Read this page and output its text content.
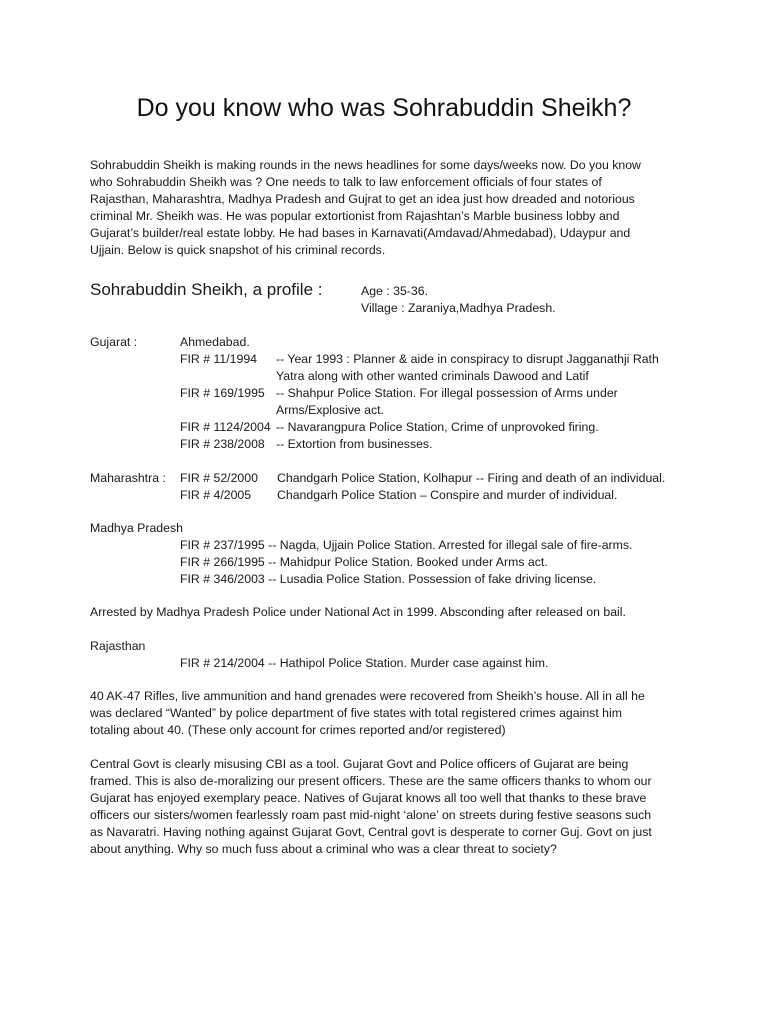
Do you know who was Sohrabuddin Sheikh?
Sohrabuddin Sheikh is making rounds in the news headlines for some days/weeks now. Do you know
who Sohrabuddin Sheikh was ? One needs to talk to law enforcement officials of four states of
Rajasthan, Maharashtra, Madhya Pradesh and Gujrat to get an idea just how dreaded and notorious
criminal Mr. Sheikh was. He was popular extortionist from Rajashtan’s Marble business lobby and
Gujarat’s builder/real estate lobby. He had bases in Karnavati(Amdavad/Ahmedabad), Udaypur and
Ujjain. Below is quick snapshot of his criminal records.
Sohrabuddin Sheikh, a profile :	Age : 35-36.
Village : Zaraniya,Madhya Pradesh.
Gujarat :	Ahmedabad.
FIR # 11/1994 -- Year 1993 : Planner & aide in conspiracy to disrupt Jagganathji Rath
Yatra along with other wanted criminals Dawood and Latif
FIR # 169/1995 -- Shahpur Police Station. For illegal possession of Arms under
Arms/Explosive act.
FIR # 1124/2004 -- Navarangpura Police Station, Crime of unprovoked firing.
FIR # 238/2008 -- Extortion from businesses.
Maharashtra : FIR # 52/2000 Chandgarh Police Station, Kolhapur -- Firing and death of an individual.
FIR # 4/2005 Chandgarh Police Station – Conspire and murder of individual.
Madhya Pradesh
FIR # 237/1995 -- Nagda, Ujjain Police Station. Arrested for illegal sale of fire-arms.
FIR # 266/1995 -- Mahidpur Police Station. Booked under Arms act.
FIR # 346/2003 -- Lusadia Police Station. Possession of fake driving license.
Arrested by Madhya Pradesh Police under National Act in 1999. Absconding after released on bail.
Rajasthan
FIR # 214/2004 -- Hathipol Police Station. Murder case against him.
40 AK-47 Rifles, live ammunition and hand grenades were recovered from Sheikh’s house. All in all he
was declared “Wanted” by police department of five states with total registered crimes against him
totaling about 40. (These only account for crimes reported and/or registered)
Central Govt is clearly misusing CBI as a tool. Gujarat Govt and Police officers of Gujarat are being
framed. This is also de-moralizing our present officers. These are the same officers thanks to whom our
Gujarat has enjoyed exemplary peace. Natives of Gujarat knows all too well that thanks to these brave
officers our sisters/women fearlessly roam past mid-night ‘alone’ on streets during festive seasons such
as Navaratri. Having nothing against Gujarat Govt, Central govt is desperate to corner Guj. Govt on just
about anything. Why so much fuss about a criminal who was a clear threat to society?
